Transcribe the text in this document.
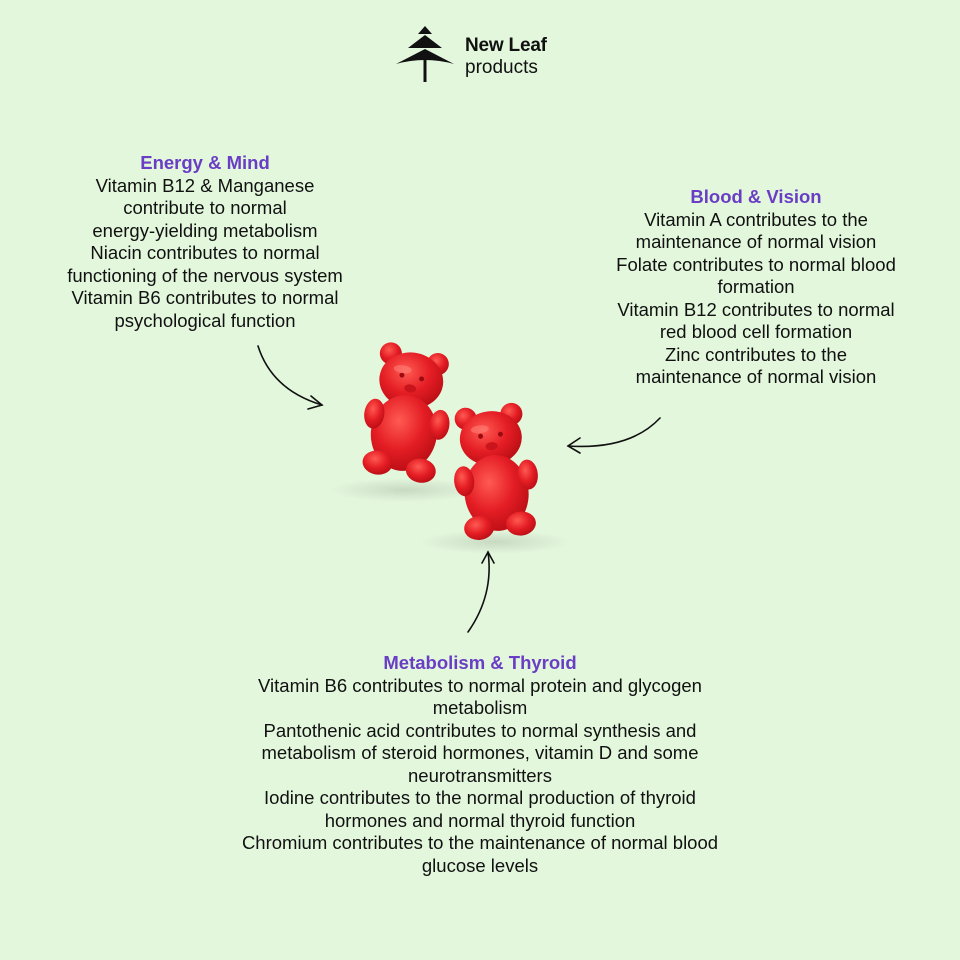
New Leaf
products
Energy & Mind

Vitamin B12 & Manganese

contribute to normal

energy-yielding metabolism

Niacin contributes to normal

functioning of the nervous system

Vitamin B6 contributes to normal

psychological function

Blood & Vision

Vitamin A contributes to the

maintenance of normal vision

Folate contributes to normal blood

formation

Vitamin B12 contributes to normal

red blood cell formation

Zinc contributes to the

maintenance of normal vision

Metabolism & Thyroid

Vitamin B6 contributes to normal protein and glycogen

metabolism

Pantothenic acid contributes to normal synthesis and

metabolism of steroid hormones, vitamin D and some

neurotransmitters

Iodine contributes to the normal production of thyroid

hormones and normal thyroid function

Chromium contributes to the maintenance of normal blood

glucose levels
